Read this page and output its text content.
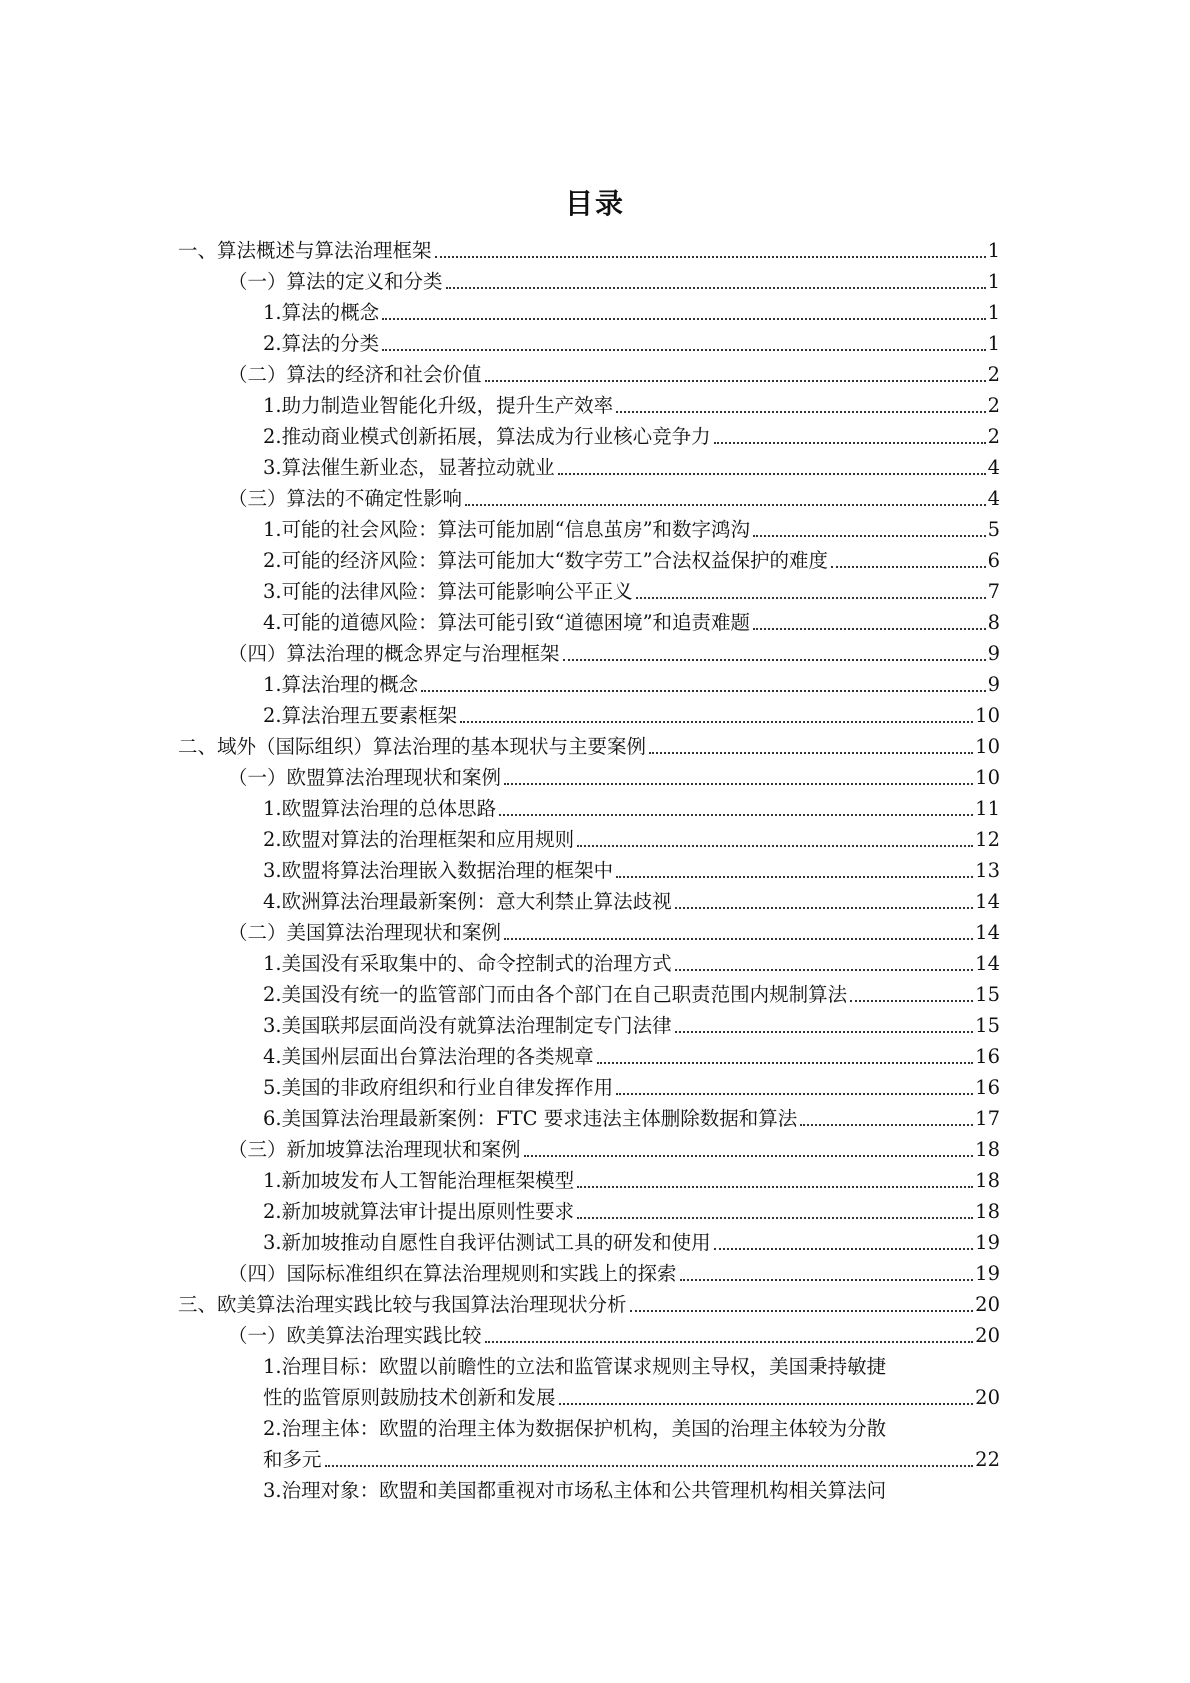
目录
一、算法概述与算法治理框架	1
（一）算法的定义和分类	1
1.算法的概念	1
2.算法的分类	1
（二）算法的经济和社会价值	2
1.助力制造业智能化升级，提升生产效率	2
2.推动商业模式创新拓展，算法成为行业核心竞争力	2
3.算法催生新业态，显著拉动就业	4
（三）算法的不确定性影响	4
1.可能的社会风险：算法可能加剧“信息茧房”和数字鸿沟	5
2.可能的经济风险：算法可能加大“数字劳工”合法权益保护的难度	6
3.可能的法律风险：算法可能影响公平正义	7
4.可能的道德风险：算法可能引致“道德困境”和追责难题	8
（四）算法治理的概念界定与治理框架	9
1.算法治理的概念	9
2.算法治理五要素框架	10
二、域外（国际组织）算法治理的基本现状与主要案例	10
（一）欧盟算法治理现状和案例	10
1.欧盟算法治理的总体思路	11
2.欧盟对算法的治理框架和应用规则	12
3.欧盟将算法治理嵌入数据治理的框架中	13
4.欧洲算法治理最新案例：意大利禁止算法歧视	14
（二）美国算法治理现状和案例	14
1.美国没有采取集中的、命令控制式的治理方式	14
2.美国没有统一的监管部门而由各个部门在自己职责范围内规制算法	15
3.美国联邦层面尚没有就算法治理制定专门法律	15
4.美国州层面出台算法治理的各类规章	16
5.美国的非政府组织和行业自律发挥作用	16
6.美国算法治理最新案例：FTC 要求违法主体删除数据和算法	17
（三）新加坡算法治理现状和案例	18
1.新加坡发布人工智能治理框架模型	18
2.新加坡就算法审计提出原则性要求	18
3.新加坡推动自愿性自我评估测试工具的研发和使用	19
（四）国际标准组织在算法治理规则和实践上的探索	19
三、欧美算法治理实践比较与我国算法治理现状分析	20
（一）欧美算法治理实践比较	20
1.治理目标：欧盟以前瞻性的立法和监管谋求规则主导权，美国秉持敏捷
性的监管原则鼓励技术创新和发展	20
2.治理主体：欧盟的治理主体为数据保护机构，美国的治理主体较为分散
和多元	22
3.治理对象：欧盟和美国都重视对市场私主体和公共管理机构相关算法问
